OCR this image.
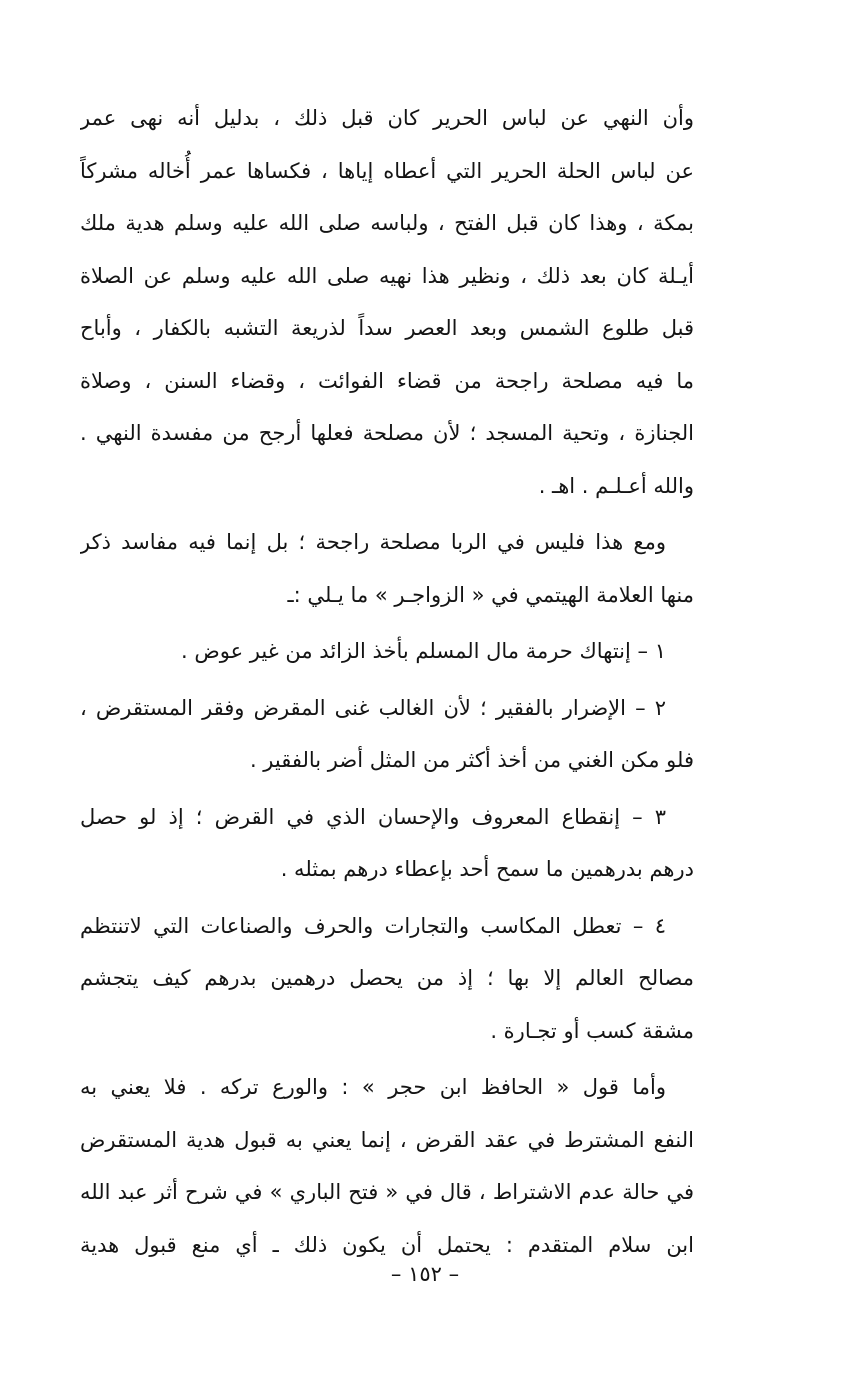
وأن النهي عن لباس الحرير كان قبل ذلك ، بدليل أنه نهى عمر
عن لباس الحلة الحرير التي أعطاه إياها ، فكساها عمر أُخاله مشركاً
بمكة ، وهذا كان قبل الفتح ، ولباسه صلى الله عليه وسلم هدية ملك
أيـلة كان بعد ذلك ، ونظير هذا نهيه صلى الله عليه وسلم عن الصلاة
قبل طلوع الشمس وبعد العصر سداً لذريعة التشبه بالكفار ، وأباح
ما فيه مصلحة راجحة من قضاء الفوائت ، وقضاء السنن ، وصلاة
الجنازة ، وتحية المسجد ؛ لأن مصلحة فعلها أرجح من مفسدة النهي .
والله أعـلـم . اهـ .
ومع هذا فليس في الربا مصلحة راجحة ؛ بل إنما فيه مفاسد ذكر
منها العلامة الهيتمي في « الزواجـر » ما يـلي :ـ
١ – إنتهاك حرمة مال المسلم بأخذ الزائد من غير عوض .
٢ – الإضرار بالفقير ؛ لأن الغالب غنى المقرض وفقر المستقرض ،
فلو مكن الغني من أخذ أكثر من المثل أضر بالفقير .
٣ – إنقطاع المعروف والإحسان الذي في القرض ؛ إذ لو حصل
درهم بدرهمين ما سمح أحد بإعطاء درهم بمثله .
٤ – تعطل المكاسب والتجارات والحرف والصناعات التي لاتنتظم
مصالح العالم إلا بها ؛ إذ من يحصل درهمين بدرهم كيف يتجشم
مشقة كسب أو تجـارة .
وأما قول « الحافظ ابن حجر » : والورع تركه . فلا يعني به
النفع المشترط في عقد القرض ، إنما يعني به قبول هدية المستقرض
في حالة عدم الاشتراط ، قال في « فتح الباري » في شرح أثر عبد الله
ابن سلام المتقدم : يحتمل أن يكون ذلك ـ أي منع قبول هدية
– ١٥٢ –
